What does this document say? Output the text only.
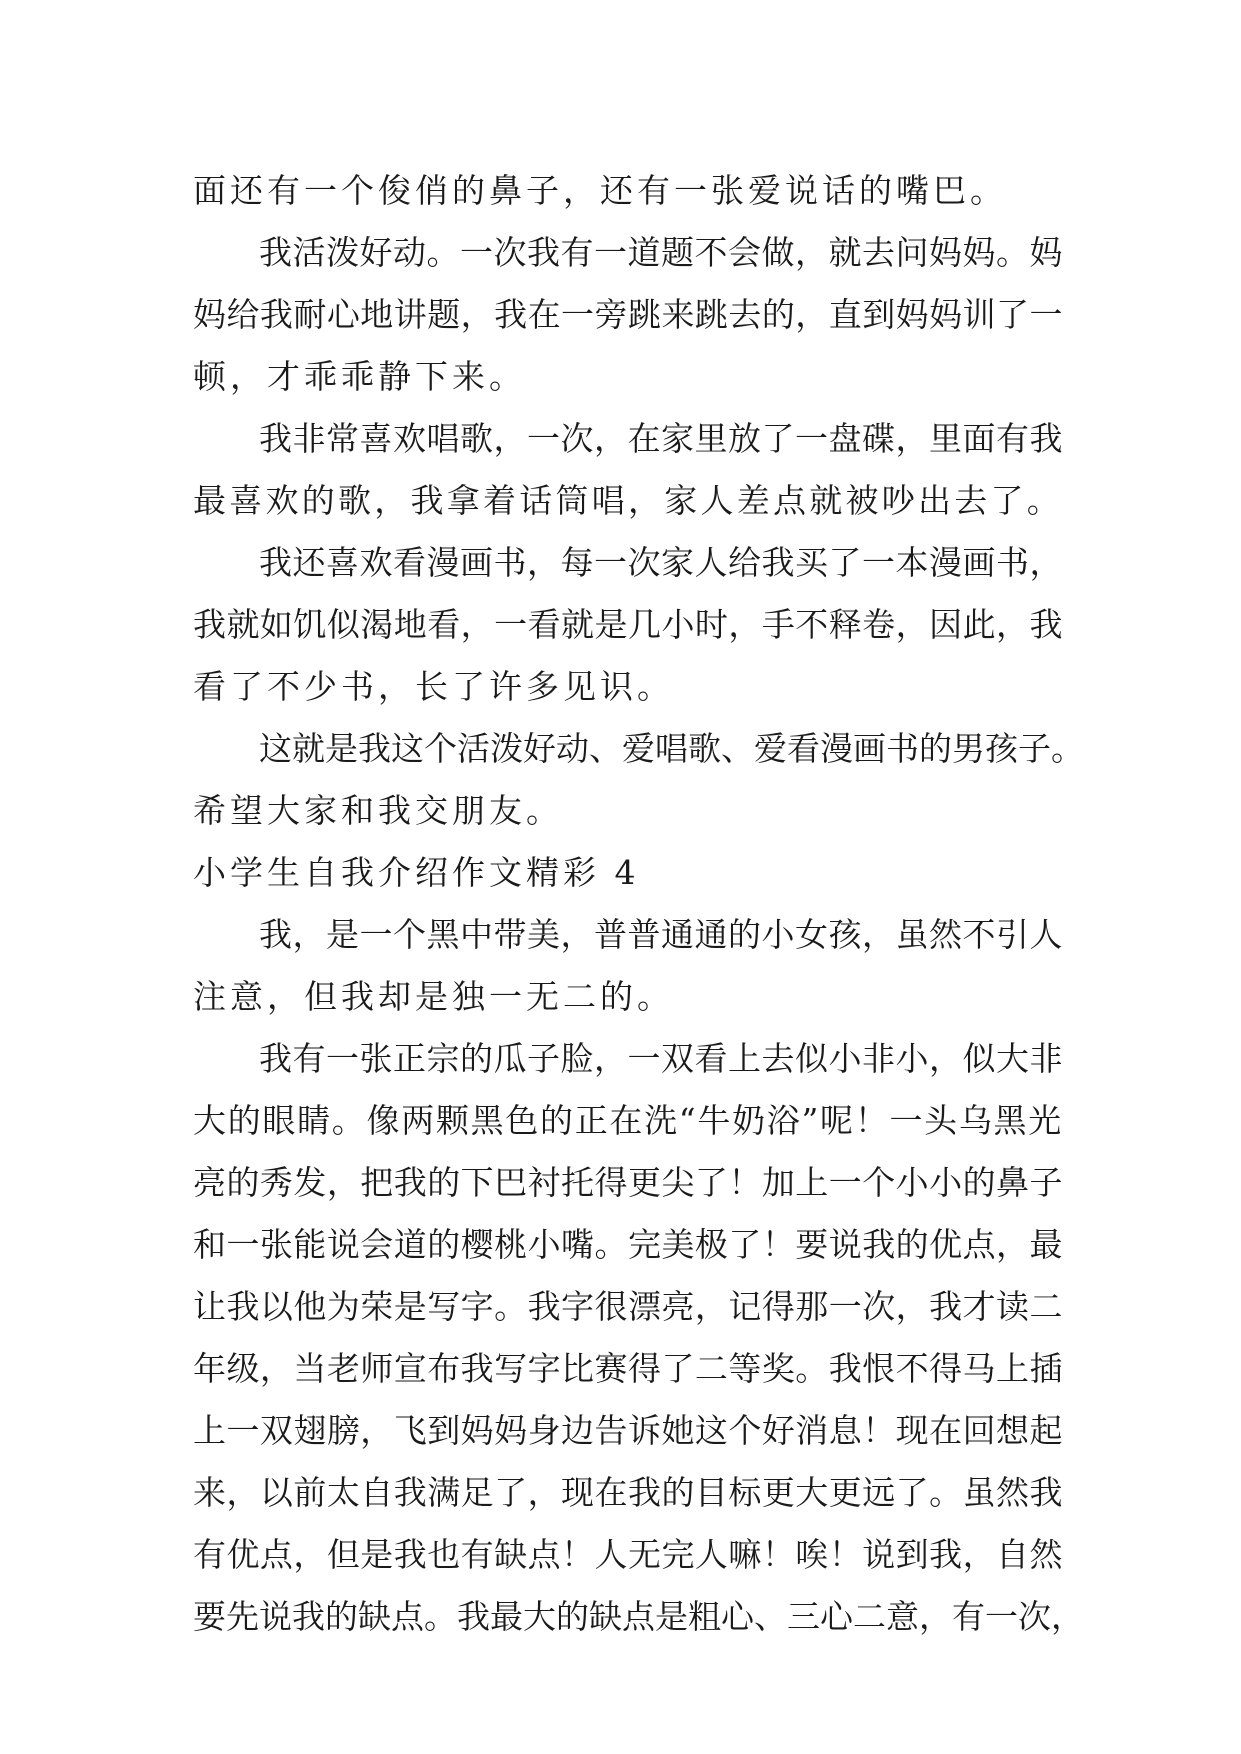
面还有一个俊俏的鼻子，还有一张爱说话的嘴巴。
我活泼好动。一次我有一道题不会做，就去问妈妈。妈
妈给我耐心地讲题，我在一旁跳来跳去的，直到妈妈训了一
顿，才乖乖静下来。
我非常喜欢唱歌，一次，在家里放了一盘碟，里面有我
最喜欢的歌，我拿着话筒唱，家人差点就被吵出去了。
我还喜欢看漫画书，每一次家人给我买了一本漫画书，
我就如饥似渴地看，一看就是几小时，手不释卷，因此，我
看了不少书，长了许多见识。
这就是我这个活泼好动、爱唱歌、爱看漫画书的男孩子。
希望大家和我交朋友。
小学生自我介绍作文精彩 4
我，是一个黑中带美，普普通通的小女孩，虽然不引人
注意，但我却是独一无二的。
我有一张正宗的瓜子脸，一双看上去似小非小，似大非
大的眼睛。像两颗黑色的正在洗“牛奶浴”呢！一头乌黑光
亮的秀发，把我的下巴衬托得更尖了！加上一个小小的鼻子
和一张能说会道的樱桃小嘴。完美极了！要说我的优点，最
让我以他为荣是写字。我字很漂亮，记得那一次，我才读二
年级，当老师宣布我写字比赛得了二等奖。我恨不得马上插
上一双翅膀，飞到妈妈身边告诉她这个好消息！现在回想起
来，以前太自我满足了，现在我的目标更大更远了。虽然我
有优点，但是我也有缺点！人无完人嘛！唉！说到我，自然
要先说我的缺点。我最大的缺点是粗心、三心二意，有一次，
